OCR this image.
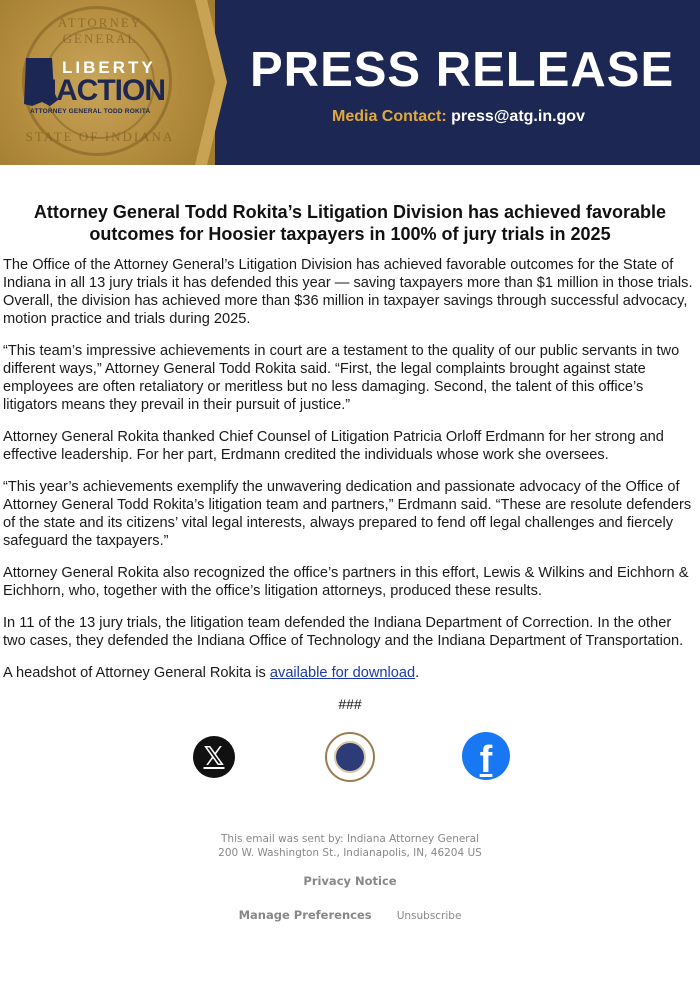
ATTORNEY GENERAL
STATE OF INDIANA
LIBERTY
INACTION
ATTORNEY GENERAL TODD ROKITA
PRESS RELEASE
Media Contact: press@atg.in.gov
Attorney General Todd Rokita’s Litigation Division has achieved favorable outcomes for Hoosier taxpayers in 100% of jury trials in 2025

The Office of the Attorney General’s Litigation Division has achieved favorable outcomes for the State of Indiana in all 13 jury trials it has defended this year — saving taxpayers more than $1 million in those trials. Overall, the division has achieved more than $36 million in taxpayer savings through successful advocacy, motion practice and trials during 2025.

“This team’s impressive achievements in court are a testament to the quality of our public servants in two different ways,” Attorney General Todd Rokita said. “First, the legal complaints brought against state employees are often retaliatory or meritless but no less damaging. Second, the talent of this office’s litigators means they prevail in their pursuit of justice.”

Attorney General Rokita thanked Chief Counsel of Litigation Patricia Orloff Erdmann for her strong and effective leadership. For her part, Erdmann credited the individuals whose work she oversees.

“This year’s achievements exemplify the unwavering dedication and passionate advocacy of the Office of Attorney General Todd Rokita’s litigation team and partners,” Erdmann said. “These are resolute defenders of the state and its citizens’ vital legal interests, always prepared to fend off legal challenges and fiercely safeguard the taxpayers.”

Attorney General Rokita also recognized the office’s partners in this effort, Lewis & Wilkins and Eichhorn & Eichhorn, who, together with the office’s litigation attorneys, produced these results.

In 11 of the 13 jury trials, the litigation team defended the Indiana Department of Correction. In the other two cases, they defended the Indiana Office of Technology and the Indiana Department of Transportation.

A headshot of Attorney General Rokita is available for download.

###
𝕏	f
This email was sent by: Indiana Attorney General
200 W. Washington St., Indianapolis, IN, 46204 US
Privacy Notice
Manage Preferences Unsubscribe
